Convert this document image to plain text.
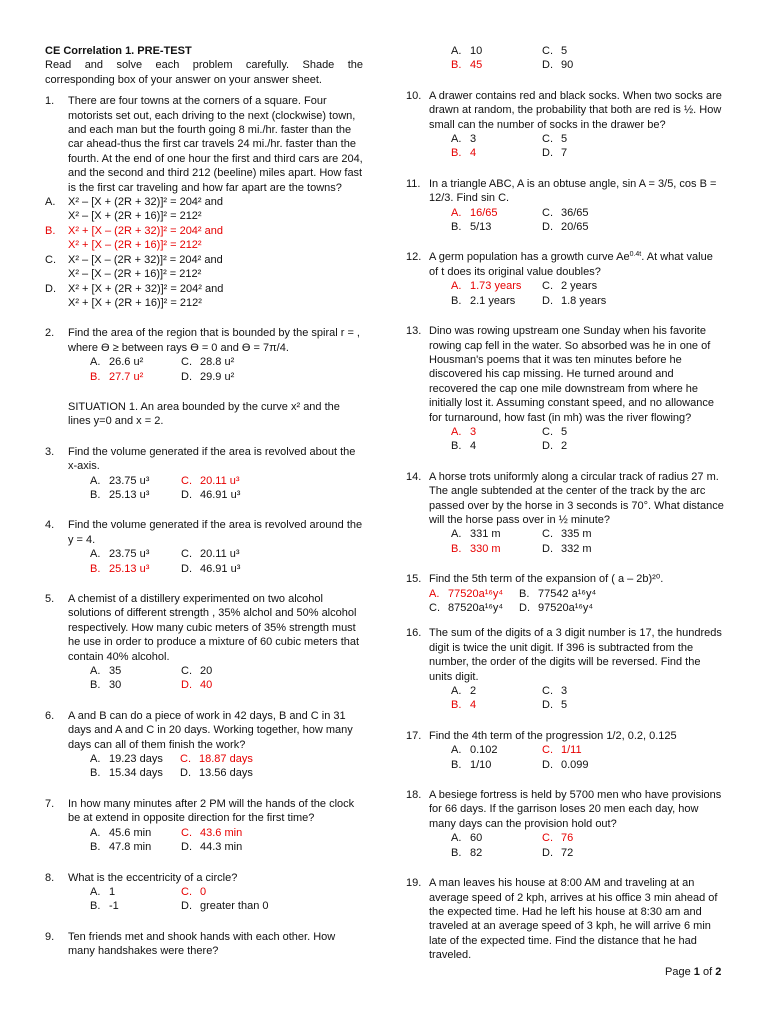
CE Correlation 1. PRE-TEST
Read and solve each problem carefully. Shade the corresponding box of your answer on your answer sheet.
1. There are four towns at the corners of a square. Four motorists set out, each driving to the next (clockwise) town, and each man but the fourth going 8 mi./hr. faster than the car ahead-thus the first car travels 24 mi./hr. faster than the fourth. At the end of one hour the first and third cars are 204, and the second and third 212 (beeline) miles apart. How fast is the first car traveling and how far apart are the towns?
A. X² – [X + (2R + 32)]² = 204² and
X² – [X + (2R + 16)]² = 212²
B. X² + [X – (2R + 32)]² = 204² and
X² + [X – (2R + 16)]² = 212²
C. X² – [X – (2R + 32)]² = 204² and
X² – [X – (2R + 16)]² = 212²
D. X² + [X + (2R + 32)]² = 204² and
X² + [X + (2R + 16)]² = 212²
2. Find the area of the region that is bounded by the spiral r = , where ϴ ≥ between rays ϴ = 0 and ϴ = 7π/4.
A. 26.6 u²	C. 28.8 u²
B. 27.7 u²	D. 29.9 u²
SITUATION 1. An area bounded by the curve x² and the lines y=0 and x = 2.
3. Find the volume generated if the area is revolved about the x-axis.
A. 23.75 u³	C. 20.11 u³
B. 25.13 u³	D. 46.91 u³
4. Find the volume generated if the area is revolved around the y = 4.
A. 23.75 u³	C. 20.11 u³
B. 25.13 u³	D. 46.91 u³
5. A chemist of a distillery experimented on two alcohol solutions of different strength , 35% alchol and 50% alcohol respectively. How many cubic meters of 35% strength must he use in order to produce a mixture of 60 cubic meters that contain 40% alcohol.
A. 35	C. 20
B. 30	D. 40
6. A and B can do a piece of work in 42 days, B and C in 31 days and A and C in 20 days. Working together, how many days can all of them finish the work?
A. 19.23 days	C. 18.87 days
B. 15.34 days	D. 13.56 days
7. In how many minutes after 2 PM will the hands of the clock be at extend in opposite direction for the first time?
A. 45.6 min	C. 43.6 min
B. 47.8 min	D. 44.3 min
8. What is the eccentricity of a circle?
A. 1	C. 0
B. -1	D. greater than 0
9. Ten friends met and shook hands with each other. How many handshakes were there?
A. 10	C. 5
B. 45	D. 90
10. A drawer contains red and black socks. When two socks are drawn at random, the probability that both are red is ½. How small can the number of socks in the drawer be?
A. 3	C. 5
B. 4	D. 7
11. In a triangle ABC, A is an obtuse angle, sin A = 3/5, cos B = 12/3. Find sin C.
A. 16/65	C. 36/65
B. 5/13	D. 20/65
12. A germ population has a growth curve $Ae^{0.4t}$. At what value of t does its original value doubles?
A. 1.73 years	C. 2 years
B. 2.1 years	D. 1.8 years
13. Dino was rowing upstream one Sunday when his favorite rowing cap fell in the water. So absorbed was he in one of Housman's poems that it was ten minutes before he discovered his cap missing. He turned around and recovered the cap one mile downstream from where he initially lost it. Assuming constant speed, and no allowance for turnaround, how fast (in mh) was the river flowing?
A. 3	C. 5
B. 4	D. 2
14. A horse trots uniformly along a circular track of radius 27 m. The angle subtended at the center of the track by the arc passed over by the horse in 3 seconds is 70°. What distance will the horse pass over in ½ minute?
A. 331 m	C. 335 m
B. 330 m	D. 332 m
15. Find the 5th term of the expansion of ( a – 2b)²⁰.
A. 77520a¹⁶y⁴	B. 77542 a¹⁶y⁴
C. 87520a¹⁶y⁴	D. 97520a¹⁶y⁴
16. The sum of the digits of a 3 digit number is 17, the hundreds digit is twice the unit digit. If 396 is subtracted from the number, the order of the digits will be reversed. Find the units digit.
A. 2	C. 3
B. 4	D. 5
17. Find the 4th term of the progression 1/2, 0.2, 0.125
A. 0.102	C. 1/11
B. 1/10	D. 0.099
18. A besiege fortress is held by 5700 men who have provisions for 66 days. If the garrison loses 20 men each day, how many days can the provision hold out?
A. 60	C. 76
B. 82	D. 72
19. A man leaves his house at 8:00 AM and traveling at an average speed of 2 kph, arrives at his office 3 min ahead of the expected time. Had he left his house at 8:30 am and traveled at an average speed of 3 kph, he will arrive 6 min late of the expected time. Find the distance that he had traveled.
Page 1 of 2
